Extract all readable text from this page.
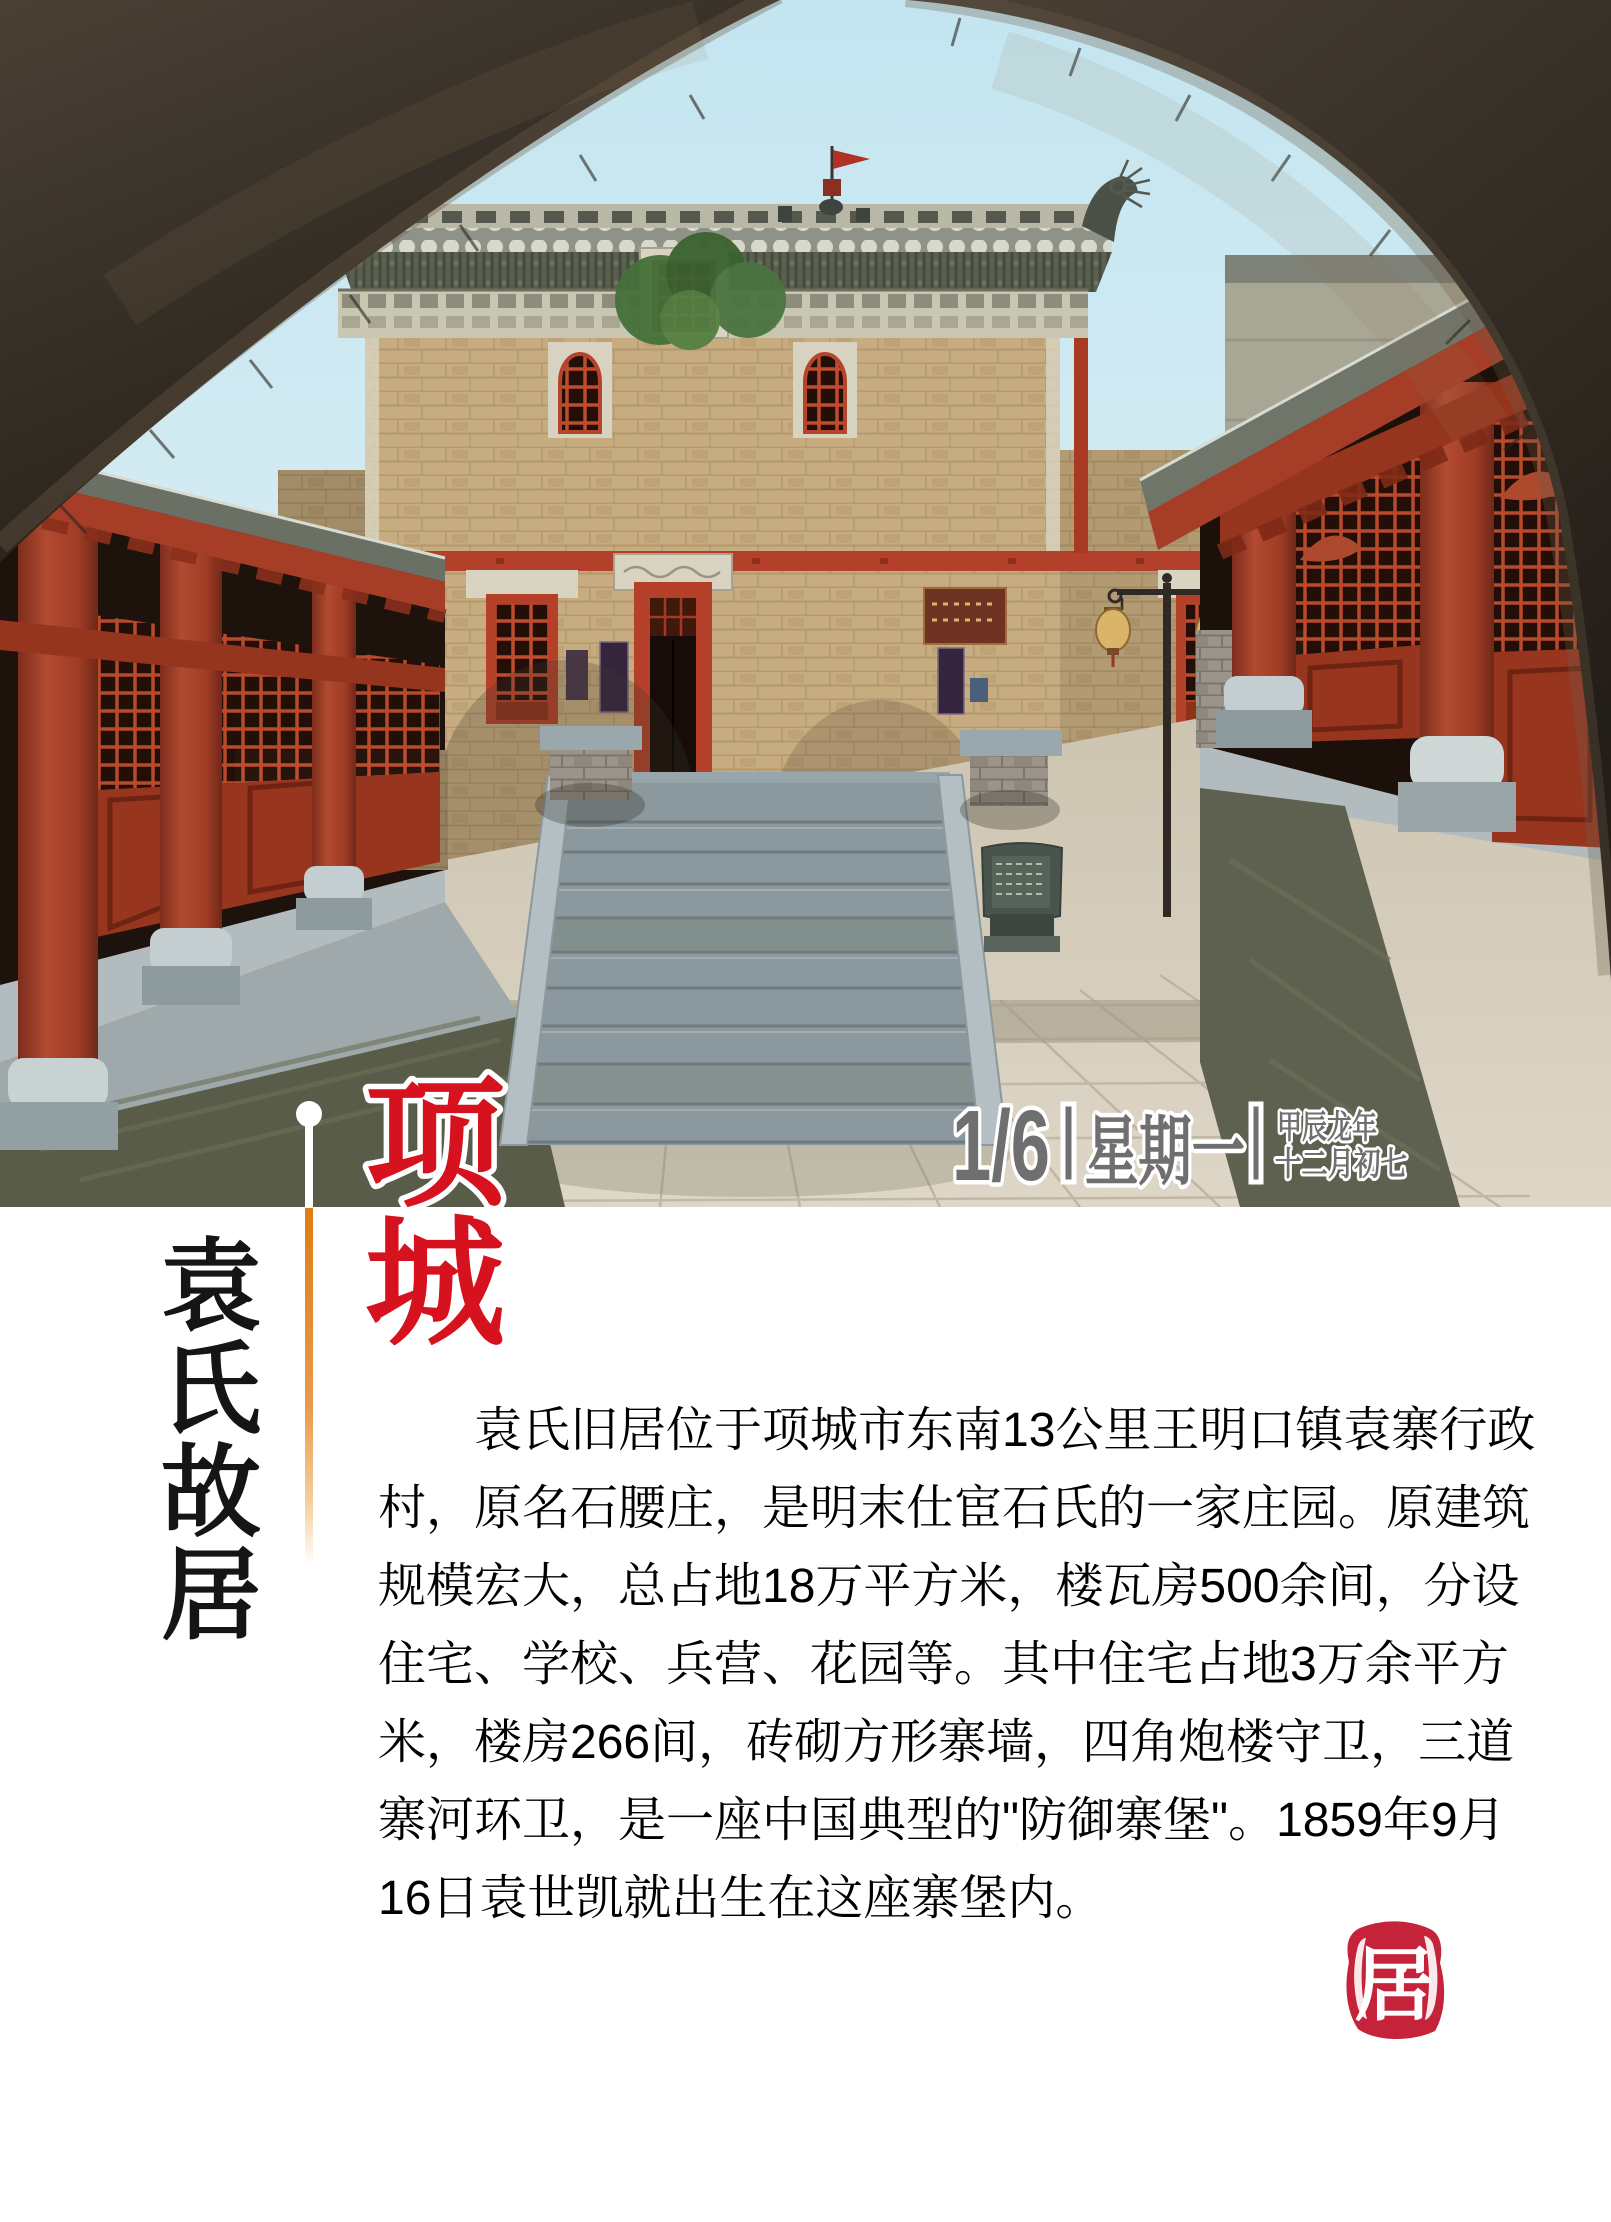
1/6 星期一 甲辰龙年
十二月初七
项
城
袁
氏
故
居
袁氏旧居位于项城市东南13公里王明口镇袁寨行政村，原名石腰庄，是明末仕宦石氏的一家庄园。原建筑规模宏大，总占地18万平方米，楼瓦房500余间，分设住宅、学校、兵营、花园等。其中住宅占地3万余平方米，楼房266间，砖砌方形寨墙，四角炮楼守卫，三道寨河环卫，是一座中国典型的"防御寨堡"。1859年9月16日袁世凯就出生在这座寨堡内。
居
